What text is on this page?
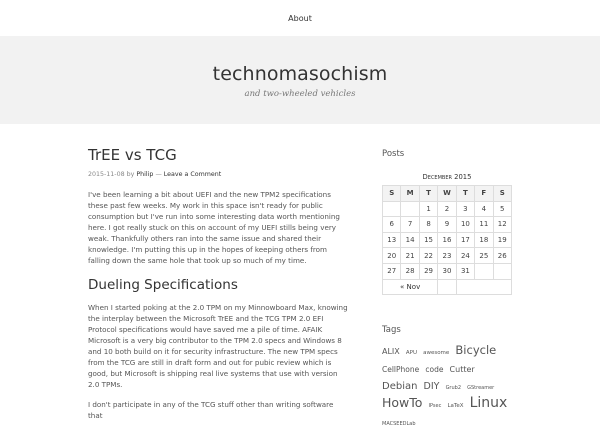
About
technomasochism
and two-wheeled vehicles
TrEE vs TCG
2015-11-08 by Philip — Leave a Comment

I've been learning a bit about UEFI and the new TPM2 specifications these past few weeks. My work in this space isn't ready for public consumption but I've run into some interesting data worth mentioning here. I got really stuck on this on account of my UEFI stills being very weak. Thankfully others ran into the same issue and shared their knowledge. I'm putting this up in the hopes of keeping others from falling down the same hole that took up so much of my time.

Dueling Specifications

When I started poking at the 2.0 TPM on my Minnowboard Max, knowing the interplay between the Microsoft TrEE and the TCG TPM 2.0 EFI Protocol specifications would have saved me a pile of time. AFAIK Microsoft is a very big contributor to the TPM 2.0 specs and Windows 8 and 10 both build on it for security infrastructure. The new TPM specs from the TCG are still in draft form and out for pubic review which is good, but Microsoft is shipping real live systems that use with version 2.0 TPMs.

I don't participate in any of the TCG stuff other than writing software that

Posts
December 2015
S	M	T	W	T	F	S
		1	2	3	4	5
6	7	8	9	10	11	12
13	14	15	16	17	18	19
20	21	22	23	24	25	26
27	28	29	30	31		
« Nov						
Tags
ALIX APU awesome Bicycle CellPhone code Cutter Debian DIY Grub2 GStreamer HowTo IPsec LaTeX Linux MACSEEDLab
